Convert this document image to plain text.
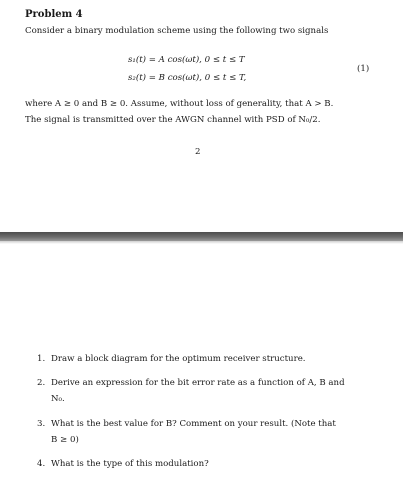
Problem 4
Consider a binary modulation scheme using the following two signals
s₁(t) = A cos(ωt), 0 ≤ t ≤ T
s₂(t) = B cos(ωt), 0 ≤ t ≤ T,
(1)
where A ≥ 0 and B ≥ 0. Assume, without loss of generality, that A > B.
The signal is transmitted over the AWGN channel with PSD of N₀/2.
2
1. Draw a block diagram for the optimum receiver structure.
2. Derive an expression for the bit error rate as a function of A, B and
N₀.
3. What is the best value for B? Comment on your result. (Note that
B ≥ 0)
4. What is the type of this modulation?
